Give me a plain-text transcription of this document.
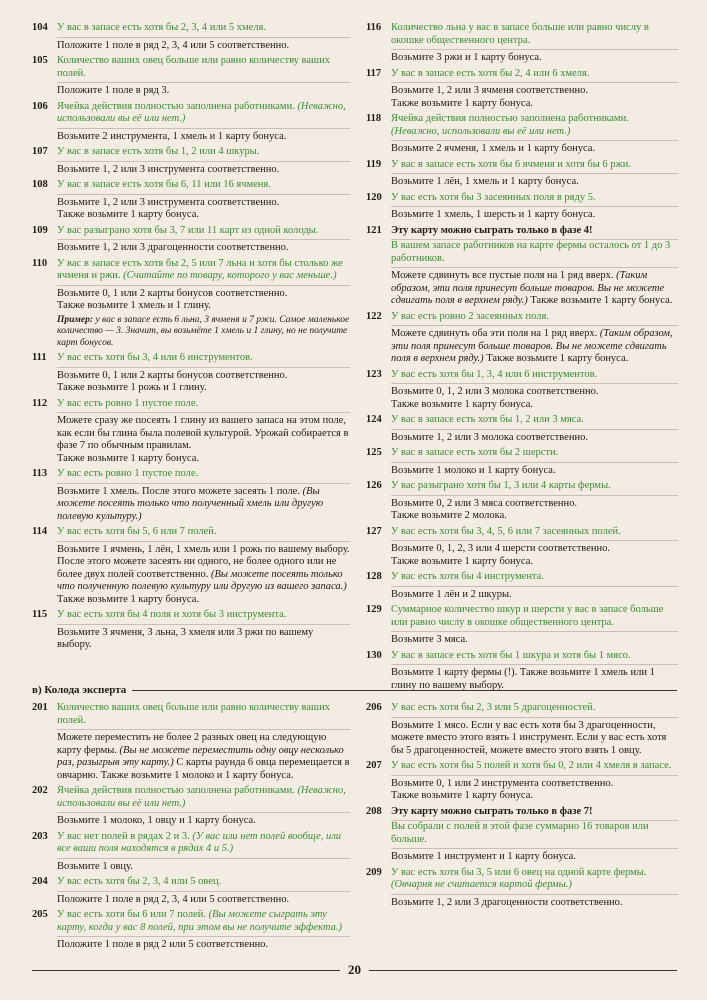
104 У вас в запасе есть хотя бы 2, 3, 4 или 5 хмеля.
Положите 1 поле в ряд 2, 3, 4 или 5 соответственно.
105 Количество ваших овец больше или равно количеству ваших полей.
Положите 1 поле в ряд 3.
106 Ячейка действия полностью заполнена работниками. (Неважно, использовали вы её или нет.)
Возьмите 2 инструмента, 1 хмель и 1 карту бонуса.
107 У вас в запасе есть хотя бы 1, 2 или 4 шкуры.
Возьмите 1, 2 или 3 инструмента соответственно.
108 У вас в запасе есть хотя бы 6, 11 или 16 ячменя.
Возьмите 1, 2 или 3 инструмента соответственно.
Также возьмите 1 карту бонуса.
109 У вас разыграно хотя бы 3, 7 или 11 карт из одной колоды.
Возьмите 1, 2 или 3 драгоценности соответственно.
110 У вас в запасе есть хотя бы 2, 5 или 7 льна и хотя бы столько же ячменя и ржи. (Считайте по товару, которого у вас меньше.)
Возьмите 0, 1 или 2 карты бонусов соответственно.
Также возьмите 1 хмель и 1 глину.
Пример: у вас в запасе есть 6 льна, 3 ячменя и 7 ржи. Самое маленькое количество — 3. Значит, вы возьмёте 1 хмель и 1 глину, но не получите карт бонусов.
111 У вас есть хотя бы 3, 4 или 6 инструментов.
Возьмите 0, 1 или 2 карты бонусов соответственно.
Также возьмите 1 рожь и 1 глину.
112 У вас есть ровно 1 пустое поле.
Можете сразу же посеять 1 глину из вашего запаса на этом поле, как если бы глина была полевой культурой. Урожай собирается в фазе 7 по обычным правилам.
Также возьмите 1 карту бонуса.
113 У вас есть ровно 1 пустое поле.
Возьмите 1 хмель. После этого можете засеять 1 поле. (Вы можете посеять только что полученный хмель или другую полевую культуру.)
114 У вас есть хотя бы 5, 6 или 7 полей.
Возьмите 1 ячмень, 1 лён, 1 хмель или 1 рожь по вашему выбору. После этого можете засеять ни одного, не более одного или не более двух полей соответственно. (Вы можете посеять только что полученную полевую культуру или другую из вашего запаса.) Также возьмите 1 карту бонуса.
115 У вас есть хотя бы 4 поля и хотя бы 3 инструмента.
Возьмите 3 ячменя, 3 льна, 3 хмеля или 3 ржи по вашему выбору.
116 Количество льна у вас в запасе больше или равно числу в окошке общественного центра.
Возьмите 3 ржи и 1 карту бонуса.
117 У вас в запасе есть хотя бы 2, 4 или 6 хмеля.
Возьмите 1, 2 или 3 ячменя соответственно.
Также возьмите 1 карту бонуса.
118 Ячейка действия полностью заполнена работниками. (Неважно, использовали вы её или нет.)
Возьмите 2 ячменя, 1 хмель и 1 карту бонуса.
119 У вас в запасе есть хотя бы 6 ячменя и хотя бы 6 ржи.
Возьмите 1 лён, 1 хмель и 1 карту бонуса.
120 У вас есть хотя бы 3 засеянных поля в ряду 5.
Возьмите 1 хмель, 1 шерсть и 1 карту бонуса.
121 Эту карту можно сыграть только в фазе 4!
В вашем запасе работников на карте фермы осталось от 1 до 3 работников.
Можете сдвинуть все пустые поля на 1 ряд вверх. (Таким образом, эти поля принесут больше товаров. Вы не можете сдвигать поля в верхнем ряду.) Также возьмите 1 карту бонуса.
122 У вас есть ровно 2 засеянных поля.
Можете сдвинуть оба эти поля на 1 ряд вверх. (Таким образом, эти поля принесут больше товаров. Вы не можете сдвигать поля в верхнем ряду.) Также возьмите 1 карту бонуса.
123 У вас есть хотя бы 1, 3, 4 или 6 инструментов.
Возьмите 0, 1, 2 или 3 молока соответственно.
Также возьмите 1 карту бонуса.
124 У вас в запасе есть хотя бы 1, 2 или 3 мяса.
Возьмите 1, 2 или 3 молока соответственно.
125 У вас в запасе есть хотя бы 2 шерсти.
Возьмите 1 молоко и 1 карту бонуса.
126 У вас разыграно хотя бы 1, 3 или 4 карты фермы.
Возьмите 0, 2 или 3 мяса соответственно.
Также возьмите 2 молока.
127 У вас есть хотя бы 3, 4, 5, 6 или 7 засеянных полей.
Возьмите 0, 1, 2, 3 или 4 шерсти соответственно.
Также возьмите 1 карту бонуса.
128 У вас есть хотя бы 4 инструмента.
Возьмите 1 лён и 2 шкуры.
129 Суммарное количество шкур и шерсти у вас в запасе больше или равно числу в окошке общественного центра.
Возьмите 3 мяса.
130 У вас в запасе есть хотя бы 1 шкура и хотя бы 1 мясо.
Возьмите 1 карту фермы (!). Также возьмите 1 хмель или 1 глину по вашему выбору.
в) Колода эксперта
201 Количество ваших овец больше или равно количеству ваших полей.
Можете переместить не более 2 разных овец на следующую карту фермы. (Вы не можете переместить одну овцу несколько раз, разыгрыв эту карту.) С карты раунда 6 овца перемещается в овчарню. Также возьмите 1 молоко и 1 карту бонуса.
202 Ячейка действия полностью заполнена работниками. (Неважно, использовали вы её или нет.)
Возьмите 1 молоко, 1 овцу и 1 карту бонуса.
203 У вас нет полей в рядах 2 и 3. (У вас или нет полей вообще, или все ваши поля находятся в рядах 4 и 5.)
Возьмите 1 овцу.
204 У вас есть хотя бы 2, 3, 4 или 5 овец.
Положите 1 поле в ряд 2, 3, 4 или 5 соответственно.
205 У вас есть хотя бы 6 или 7 полей. (Вы можете сыграть эту карту, когда у вас 8 полей, при этом вы не получите эффекта.)
Положите 1 поле в ряд 2 или 5 соответственно.
206 У вас есть хотя бы 2, 3 или 5 драгоценностей.
Возьмите 1 мясо. Если у вас есть хотя бы 3 драгоценности, можете вместо этого взять 1 инструмент. Если у вас есть хотя бы 5 драгоценностей, можете вместо этого взять 1 овцу.
207 У вас есть хотя бы 5 полей и хотя бы 0, 2 или 4 хмеля в запасе.
Возьмите 0, 1 или 2 инструмента соответственно.
Также возьмите 1 карту бонуса.
208 Эту карту можно сыграть только в фазе 7!
Вы собрали с полей в этой фазе суммарно 16 товаров или больше.
Возьмите 1 инструмент и 1 карту бонуса.
209 У вас есть хотя бы 3, 5 или 6 овец на одной карте фермы. (Овчарня не считается картой фермы.)
Возьмите 1, 2 или 3 драгоценности соответственно.
20
